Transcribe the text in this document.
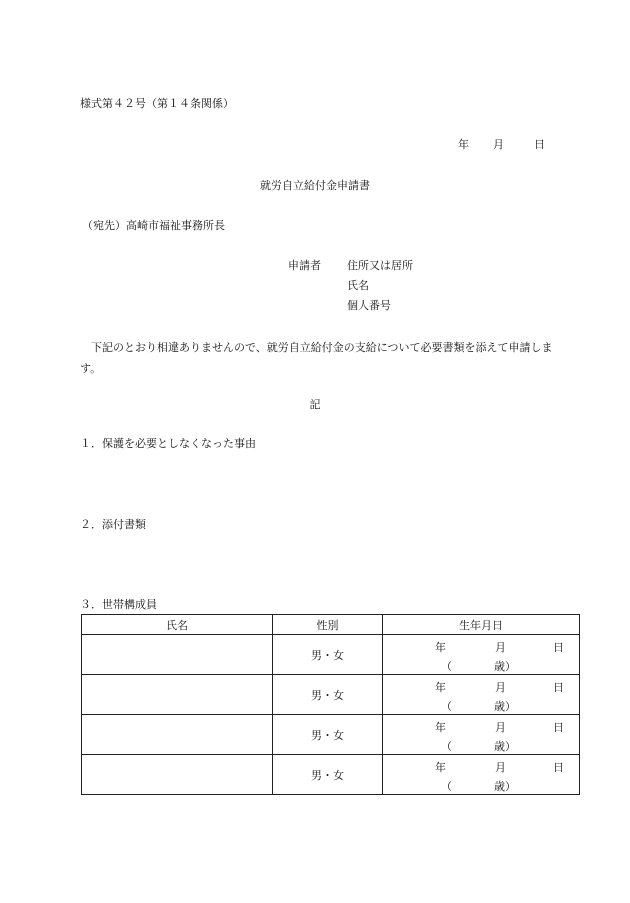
様式第４２号（第１４条関係）
年 月	日
就労自立給付金申請書
（宛先）高崎市福祉事務所長
申請者 住所又は居所
氏名
個人番号
下記のとおり相違ありませんので、就労自立給付金の支給について必要書類を添えて申請します。
記
１．保護を必要としなくなった事由
２．添付書類
３．世帯構成員
氏名	性別	生年月日
	男・女	年 月 日
（ 歳）

	男・女	年 月 日
（ 歳）

	男・女	年 月 日
（ 歳）

	男・女	年 月 日
（ 歳）
